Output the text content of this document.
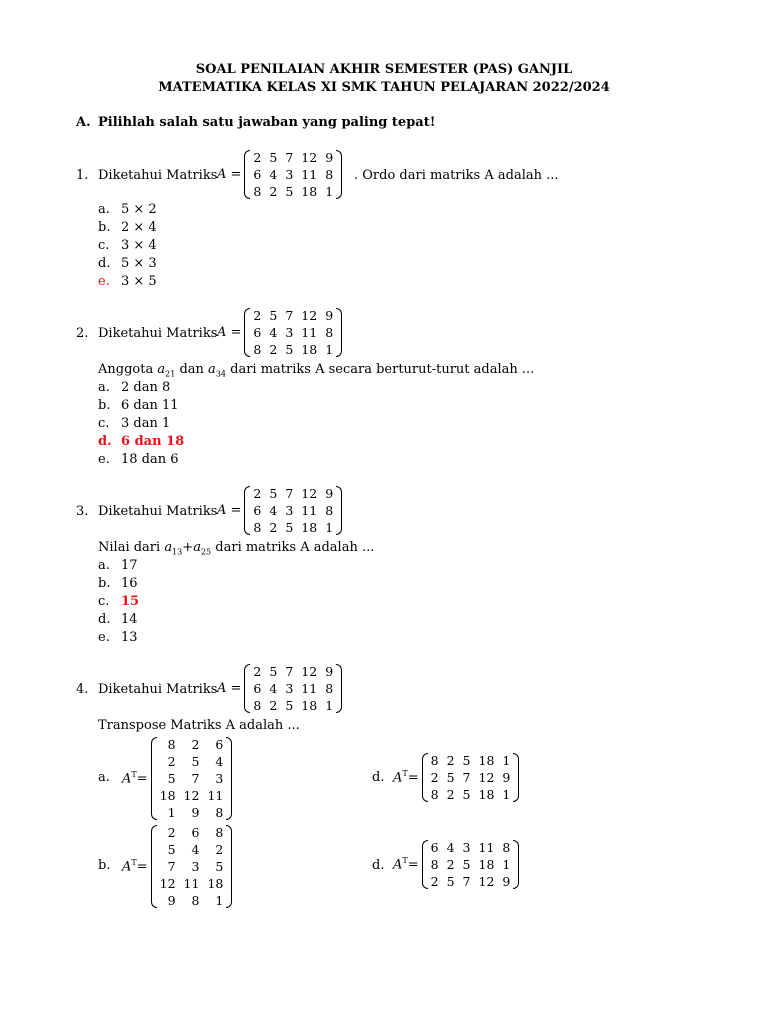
SOAL PENILAIAN AKHIR SEMESTER (PAS) GANJIL
MATEMATIKA KELAS XI SMK TAHUN PELAJARAN 2022/2024
A. Pilihlah salah satu jawaban yang paling tepat!
1. Diketahui Matriks A =
2	5	7	12	9
6	4	3	11	8
8	2	5	18	1
. Ordo dari matriks A adalah ...
a. 5 × 2
b. 2 × 4
c. 3 × 4
d. 5 × 3
e. 3 × 5
2. Diketahui Matriks A =
2	5	7	12	9
6	4	3	11	8
8	2	5	18	1
Anggota $a_{21}$ dan $a_{34}$ dari matriks A secara berturut-turut adalah ...
a. 2 dan 8
b. 6 dan 11
c. 3 dan 1
d. 6 dan 18
e. 18 dan 6
3. Diketahui Matriks A =
2	5	7	12	9
6	4	3	11	8
8	2	5	18	1
Nilai dari $a_{13}+a_{25}$ dari matriks A adalah ...
a. 17
b. 16
c. 15
d. 14
e. 13
4. Diketahui Matriks A =
2	5	7	12	9
6	4	3	11	8
8	2	5	18	1
Transpose Matriks A adalah ...
a. $A^T=$
8	2	6
2	5	4
5	7	3
18	12	11
1	9	8
b. $A^T=$
2	6	8
5	4	2
7	3	5
12	11	18
9	8	1
d. $A^T=$
8	2	5	18	1
2	5	7	12	9
8	2	5	18	1
d. $A^T=$
6	4	3	11	8
8	2	5	18	1
2	5	7	12	9
